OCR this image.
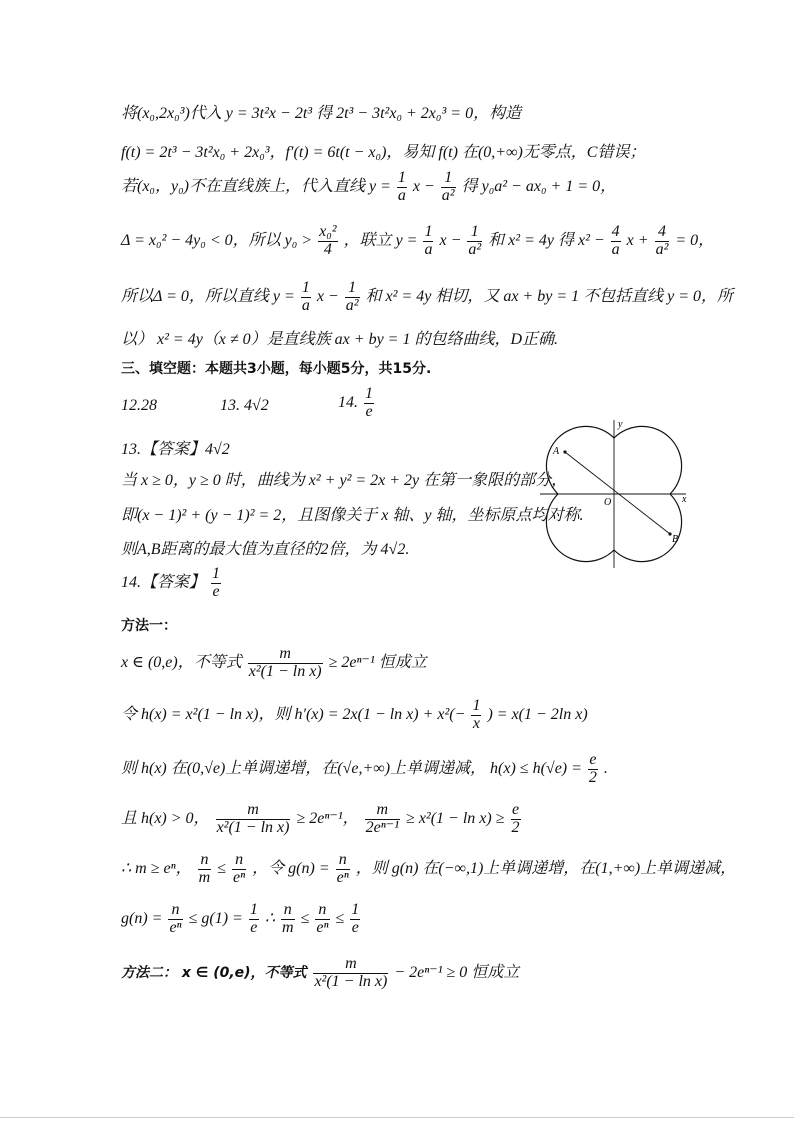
将(x₀,2x₀³)代入 y = 3t²x − 2t³ 得 2t³ − 3t²x₀ + 2x₀³ = 0，构造
f(t) = 2t³ − 3t²x₀ + 2x₀³，f′(t) = 6t(t − x₀)，易知 f(t) 在(0,+∞)无零点，C错误；
若(x₀，y₀)不在直线族上，代入直线 $y = \frac{1}{a}$ $x - \frac{1}{\text{a²}}$ 得 y₀a² − ax₀ + 1 = 0，
Δ = x₀² − 4y₀ < 0，所以 $y_0 > \frac{\text{x₀²}}{4}$ ，联立 $y = \frac{1}{a}$ $x - \frac{1}{\text{a²}}$ 和 x² = 4y 得 $x^2 - \frac{4}{a}$ $x + \frac{4}{\text{a²}} = 0$，
所以Δ = 0，所以直线 $y = \frac{1}{a}$ $x - \frac{1}{\text{a²}}$ 和 x² = 4y 相切，又 ax + by = 1 不包括直线 y = 0，所
以） x² = 4y（x ≠ 0）是直线族 ax + by = 1 的包络曲线，D正确.
三、填空题：本题共3小题，每小题5分，共15分.
12.28	13. 4√2	14. $\frac{1}{e}$
13.【答案】4√2
当 x ≥ 0，y ≥ 0 时，曲线为 x² + y² = 2x + 2y 在第一象限的部分，
即(x − 1)² + (y − 1)² = 2，且图像关于 x 轴、y 轴，坐标原点均对称.
则A,B距离的最大值为直径的2倍，为 4√2.
y
x
O
A
B
14.【答案】 $\frac{1}{e}$
方法一：
x ∈ (0,e)，不等式 $\frac{m}{\text{x²(1 − ln x)}} \ge 2e^{n-1}$ 恒成立
令 h(x) = x²(1 − ln x)，则 $h'(x) = 2x(1 - \ln x) + x^2(- \frac{1}{x}$ ) = x(1 − 2ln x)
则 h(x) 在(0,√e)上单调递增，在(√e,+∞)上单调递减， $h(x) \le h(√e) = \frac{e}{2}$ .
且 h(x) > 0， $\frac{m}{\text{x²(1 − ln x)}} \ge 2e^{n-1}$， $\frac{m}{\text{2eⁿ⁻¹}} \ge x^2(1 - \ln x) \ge \frac{e}{2}$
∴ m ≥ eⁿ， $\frac{n}{m} \le \frac{n}{\text{eⁿ}}$ ，令 $g(n) = \frac{n}{\text{eⁿ}}$ ，则 g(n) 在(−∞,1)上单调递增，在(1,+∞)上单调递减，
$g(n) = \frac{n}{\text{eⁿ}} \le g(1) = \frac{1}{e}$ ∴ $\frac{n}{m} \le \frac{n}{\text{eⁿ}} \le \frac{1}{e}$
方法二： x ∈ (0,e)，不等式 $\frac{m}{\text{x²(1 − ln x)}} - 2e^{n-1} \ge 0$ 恒成立
